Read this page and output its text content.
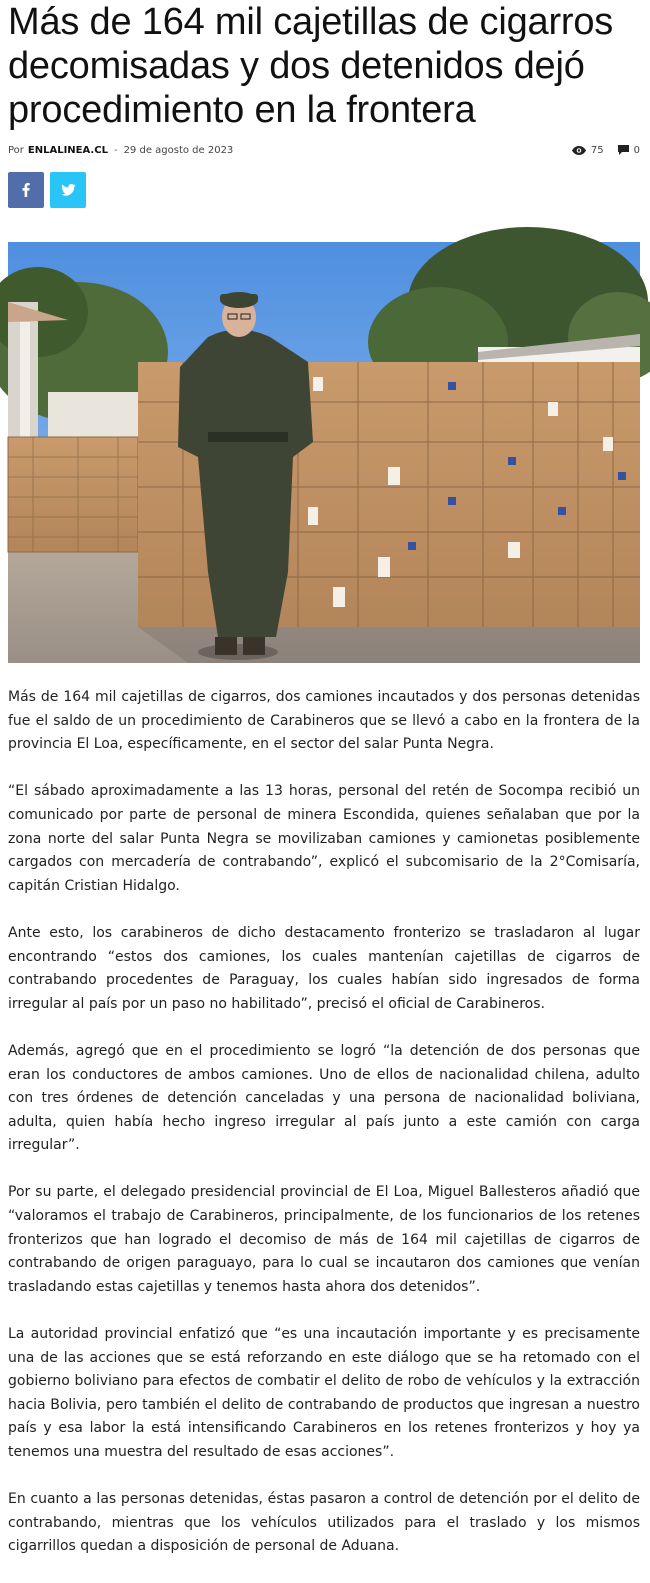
Más de 164 mil cajetillas de cigarros decomisadas y dos detenidos dejó procedimiento en la frontera
Por ENLALINEA.CL - 29 de agosto de 2023	75	0

Más de 164 mil cajetillas de cigarros, dos camiones incautados y dos personas detenidas fue el saldo de un procedimiento de Carabineros que se llevó a cabo en la frontera de la provincia El Loa, específicamente, en el sector del salar Punta Negra.

“El sábado aproximadamente a las 13 horas, personal del retén de Socompa recibió un comunicado por parte de personal de minera Escondida, quienes señalaban que por la zona norte del salar Punta Negra se movilizaban camiones y camionetas posiblemente cargados con mercadería de contrabando”, explicó el subcomisario de la 2°Comisaría, capitán Cristian Hidalgo.

Ante esto, los carabineros de dicho destacamento fronterizo se trasladaron al lugar encontrando “estos dos camiones, los cuales mantenían cajetillas de cigarros de contrabando procedentes de Paraguay, los cuales habían sido ingresados de forma irregular al país por un paso no habilitado”, precisó el oficial de Carabineros.

Además, agregó que en el procedimiento se logró “la detención de dos personas que eran los conductores de ambos camiones. Uno de ellos de nacionalidad chilena, adulto con tres órdenes de detención canceladas y una persona de nacionalidad boliviana, adulta, quien había hecho ingreso irregular al país junto a este camión con carga irregular”.

Por su parte, el delegado presidencial provincial de El Loa, Miguel Ballesteros añadió que “valoramos el trabajo de Carabineros, principalmente, de los funcionarios de los retenes fronterizos que han logrado el decomiso de más de 164 mil cajetillas de cigarros de contrabando de origen paraguayo, para lo cual se incautaron dos camiones que venían trasladando estas cajetillas y tenemos hasta ahora dos detenidos”.

La autoridad provincial enfatizó que “es una incautación importante y es precisamente una de las acciones que se está reforzando en este diálogo que se ha retomado con el gobierno boliviano para efectos de combatir el delito de robo de vehículos y la extracción hacia Bolivia, pero también el delito de contrabando de productos que ingresan a nuestro país y esa labor la está intensificando Carabineros en los retenes fronterizos y hoy ya tenemos una muestra del resultado de esas acciones”.

En cuanto a las personas detenidas, éstas pasaron a control de detención por el delito de contrabando, mientras que los vehículos utilizados para el traslado y los mismos cigarrillos quedan a disposición de personal de Aduana.
